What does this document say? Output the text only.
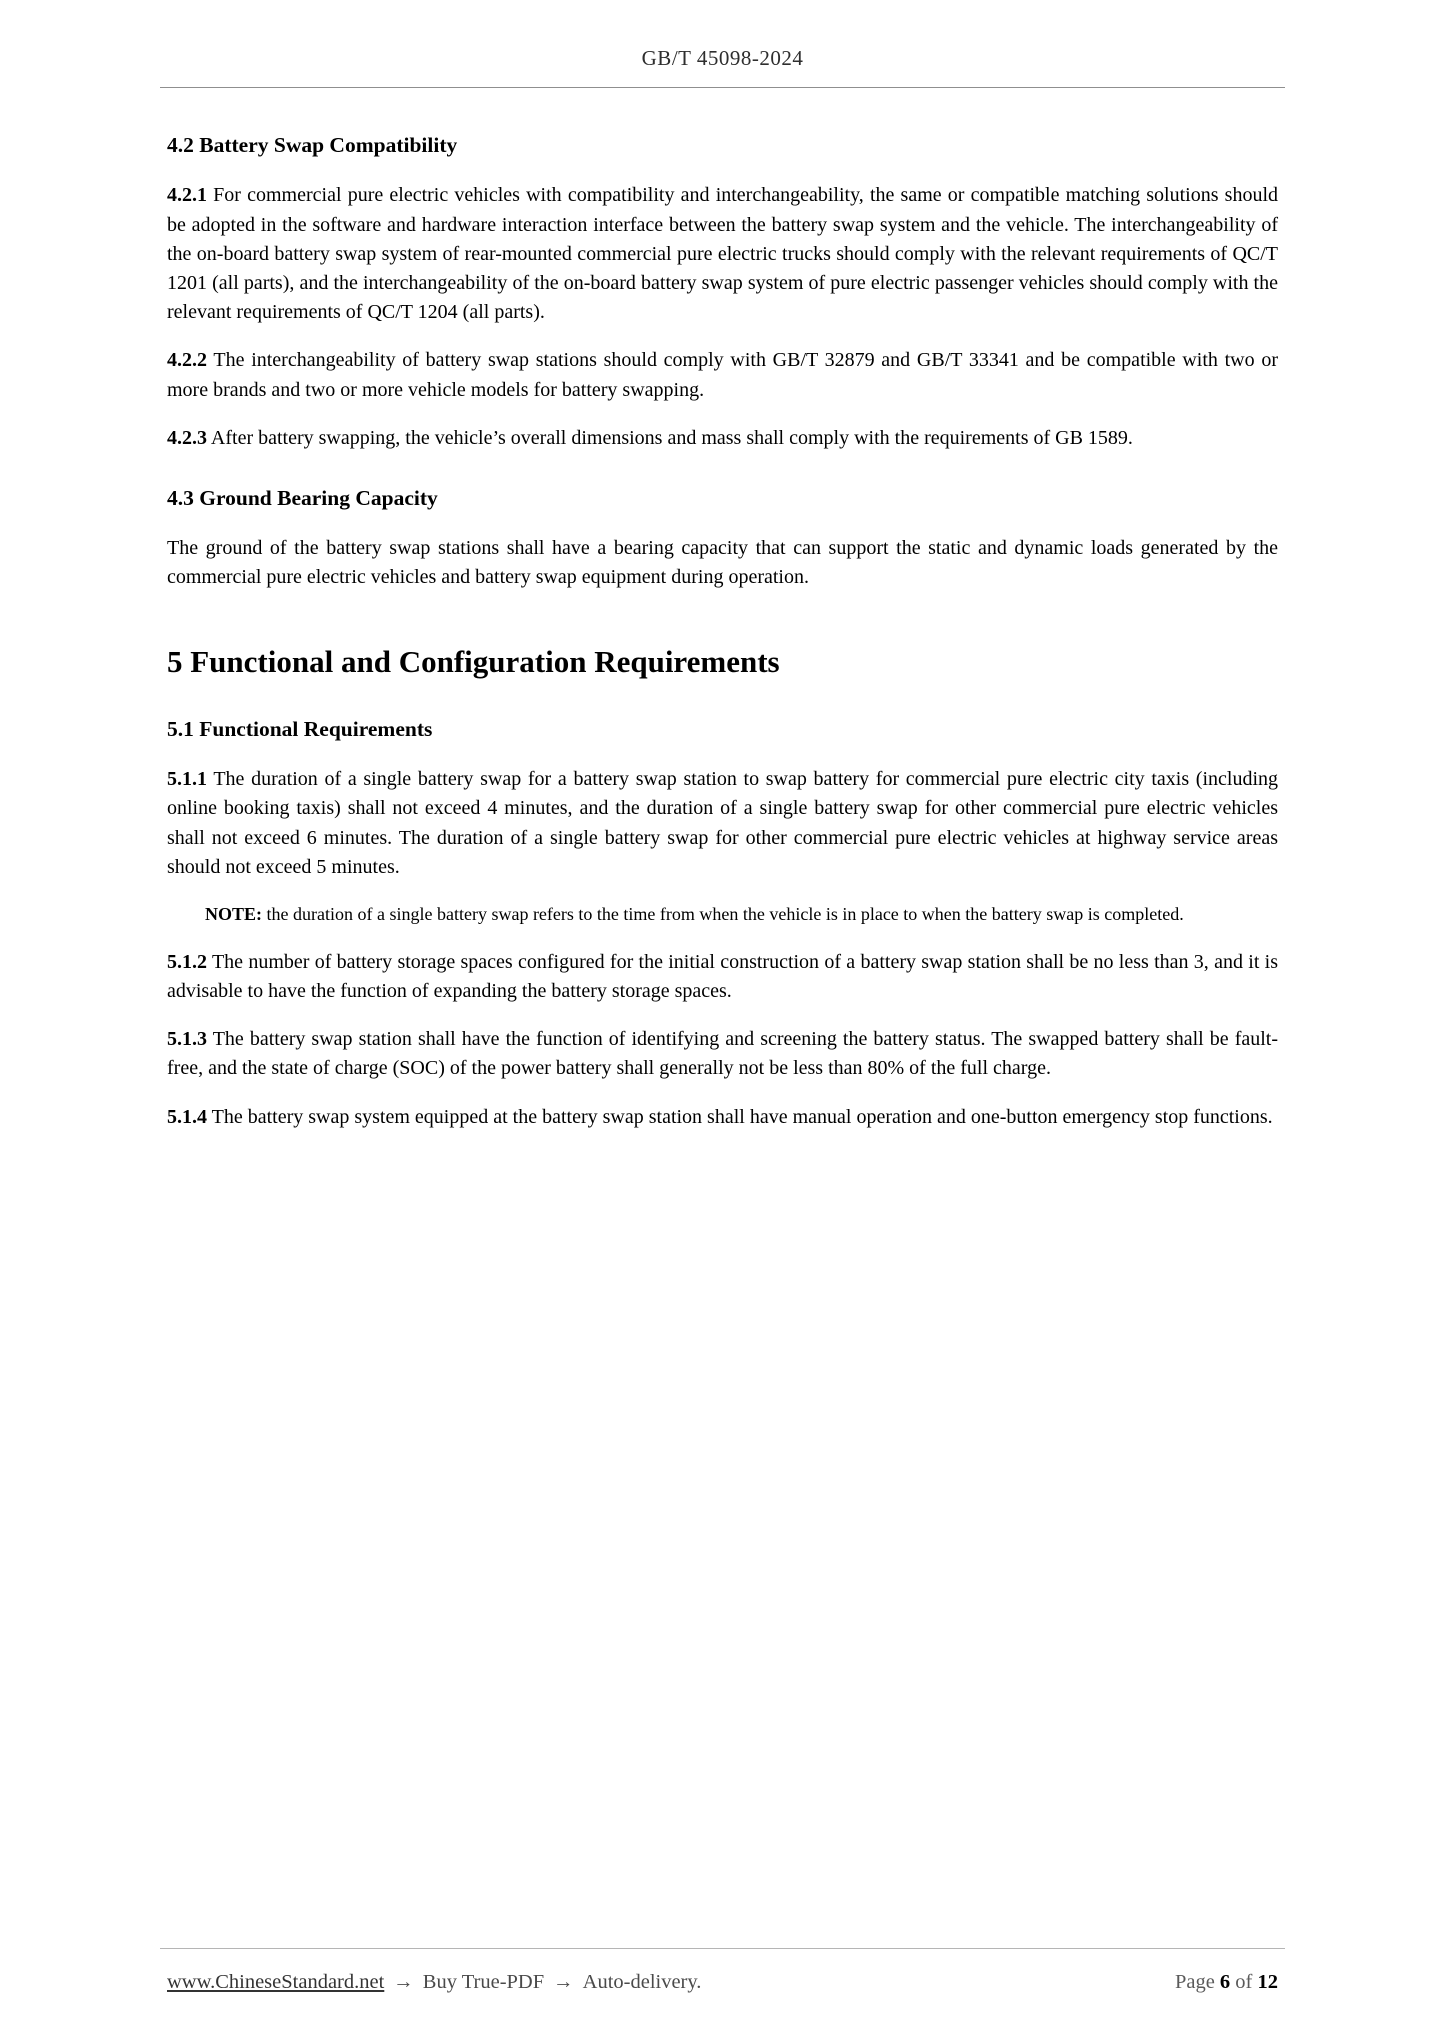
GB/T 45098-2024
4.2 Battery Swap Compatibility

4.2.1 For commercial pure electric vehicles with compatibility and interchangeability, the same or compatible matching solutions should be adopted in the software and hardware interaction interface between the battery swap system and the vehicle. The interchangeability of the on-board battery swap system of rear-mounted commercial pure electric trucks should comply with the relevant requirements of QC/T 1201 (all parts), and the interchangeability of the on-board battery swap system of pure electric passenger vehicles should comply with the relevant requirements of QC/T 1204 (all parts).

4.2.2 The interchangeability of battery swap stations should comply with GB/T 32879 and GB/T 33341 and be compatible with two or more brands and two or more vehicle models for battery swapping.

4.2.3 After battery swapping, the vehicle’s overall dimensions and mass shall comply with the requirements of GB 1589.

4.3 Ground Bearing Capacity

The ground of the battery swap stations shall have a bearing capacity that can support the static and dynamic loads generated by the commercial pure electric vehicles and battery swap equipment during operation.

5 Functional and Configuration Requirements
5.1 Functional Requirements

5.1.1 The duration of a single battery swap for a battery swap station to swap battery for commercial pure electric city taxis (including online booking taxis) shall not exceed 4 minutes, and the duration of a single battery swap for other commercial pure electric vehicles shall not exceed 6 minutes. The duration of a single battery swap for other commercial pure electric vehicles at highway service areas should not exceed 5 minutes.

NOTE: the duration of a single battery swap refers to the time from when the vehicle is in place to when the battery swap is completed.

5.1.2 The number of battery storage spaces configured for the initial construction of a battery swap station shall be no less than 3, and it is advisable to have the function of expanding the battery storage spaces.

5.1.3 The battery swap station shall have the function of identifying and screening the battery status. The swapped battery shall be fault-free, and the state of charge (SOC) of the power battery shall generally not be less than 80% of the full charge.

5.1.4 The battery swap system equipped at the battery swap station shall have manual operation and one-button emergency stop functions.

www.ChineseStandard.net → Buy True-PDF → Auto-delivery.	Page 6 of 12
